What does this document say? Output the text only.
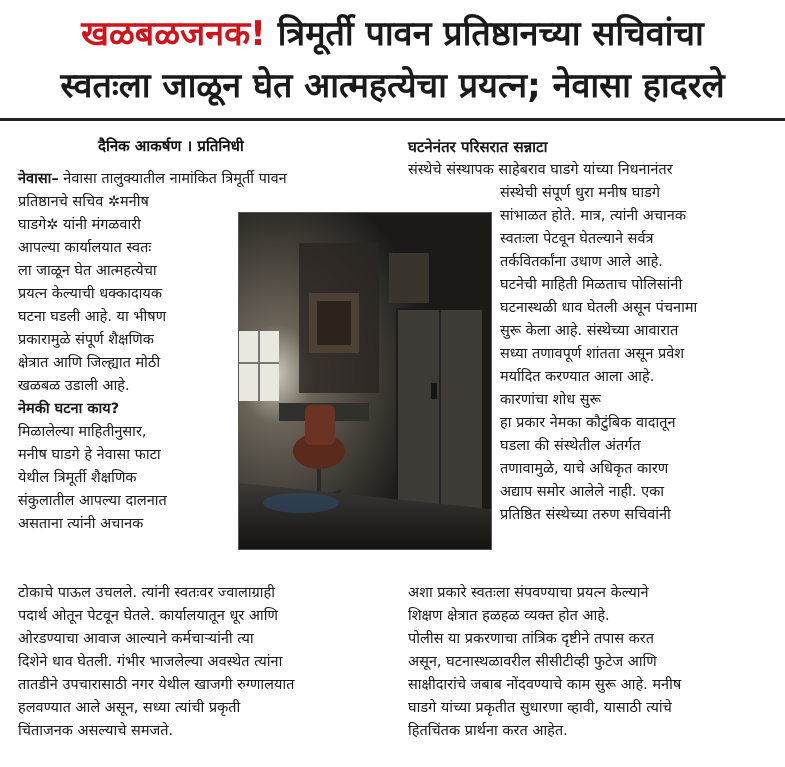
खळबळजनक! त्रिमूर्ती पावन प्रतिष्ठानच्या सचिवांचा
स्वतःला जाळून घेत आत्महत्येचा प्रयत्न; नेवासा हादरले
दैनिक आकर्षण । प्रतिनिधी

नेवासा– नेवासा तालुक्यातील नामांकित त्रिमूर्ती पावन

प्रतिष्ठानचे सचिव ✲मनीष

घाडगे✲ यांनी मंगळवारी

आपल्या कार्यालयात स्वतः

ला जाळून घेत आत्महत्येचा

प्रयत्न केल्याची धक्कादायक

घटना घडली आहे. या भीषण

प्रकारामुळे संपूर्ण शैक्षणिक

क्षेत्रात आणि जिल्ह्यात मोठी

खळबळ उडाली आहे.

नेमकी घटना काय?

मिळालेल्या माहितीनुसार,

मनीष घाडगे हे नेवासा फाटा

येथील त्रिमूर्ती शैक्षणिक

संकुलातील आपल्या दालनात

असताना त्यांनी अचानक

टोकाचे पाऊल उचलले. त्यांनी स्वतःवर ज्वालाग्राही

पदार्थ ओतून पेटवून घेतले. कार्यालयातून धूर आणि

ओरडण्याचा आवाज आल्याने कर्मचाऱ्यांनी त्या

दिशेने धाव घेतली. गंभीर भाजलेल्या अवस्थेत त्यांना

तातडीने उपचारासाठी नगर येथील खाजगी रुग्णालयात

हलवण्यात आले असून, सध्या त्यांची प्रकृती

चिंताजनक असल्याचे समजते.

घटनेनंतर परिसरात सन्नाटा

संस्थेचे संस्थापक साहेबराव घाडगे यांच्या निधनानंतर

संस्थेची संपूर्ण धुरा मनीष घाडगे

सांभाळत होते. मात्र, त्यांनी अचानक

स्वतःला पेटवून घेतल्याने सर्वत्र

तर्कवितर्कांना उधाण आले आहे.

घटनेची माहिती मिळताच पोलिसांनी

घटनास्थळी धाव घेतली असून पंचनामा

सुरू केला आहे. संस्थेच्या आवारात

सध्या तणावपूर्ण शांतता असून प्रवेश

मर्यादित करण्यात आला आहे.

कारणांचा शोध सुरू

हा प्रकार नेमका कौटुंबिक वादातून

घडला की संस्थेतील अंतर्गत

तणावामुळे, याचे अधिकृत कारण

अद्याप समोर आलेले नाही. एका

प्रतिष्ठित संस्थेच्या तरुण सचिवांनी

अशा प्रकारे स्वतःला संपवण्याचा प्रयत्न केल्याने

शिक्षण क्षेत्रात हळहळ व्यक्त होत आहे.

पोलीस या प्रकरणाचा तांत्रिक दृष्टीने तपास करत

असून, घटनास्थळावरील सीसीटीव्ही फुटेज आणि

साक्षीदारांचे जबाब नोंदवण्याचे काम सुरू आहे. मनीष

घाडगे यांच्या प्रकृतीत सुधारणा व्हावी, यासाठी त्यांचे

हितचिंतक प्रार्थना करत आहेत.
